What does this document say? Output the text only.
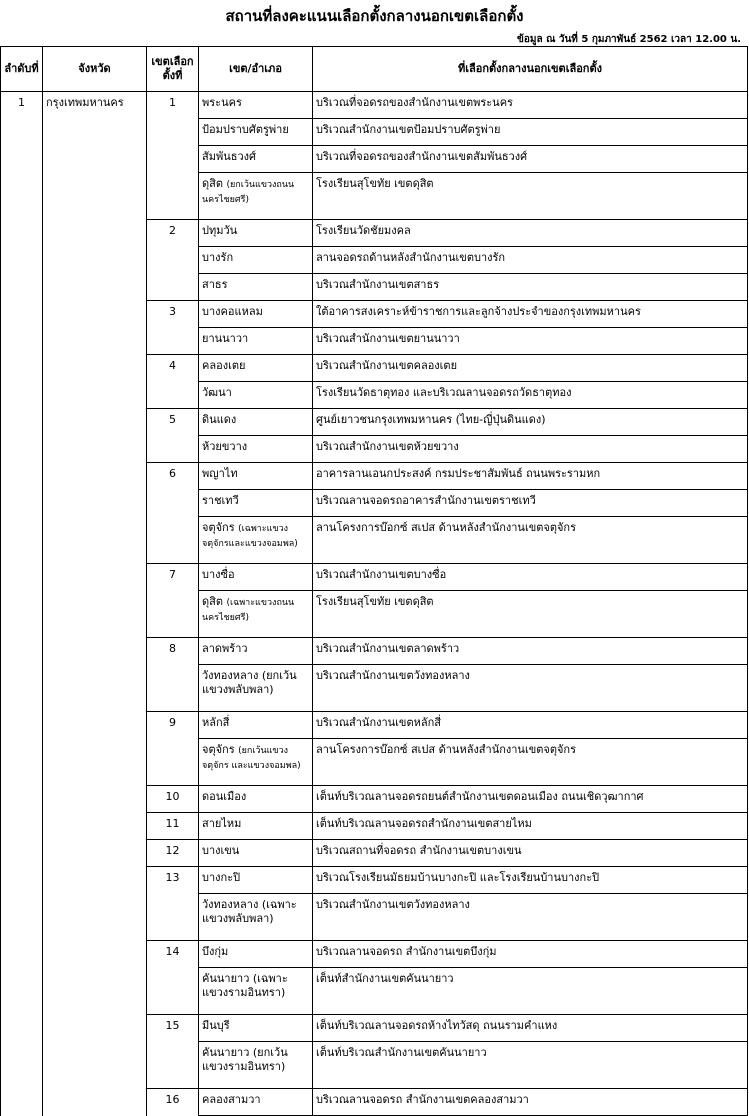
สถานที่ลงคะแนนเลือกตั้งกลางนอกเขตเลือกตั้ง
ข้อมูล ณ วันที่ 5 กุมภาพันธ์ 2562 เวลา 12.00 น.
ลำดับที่	จังหวัด	เขตเลือกตั้งที่	เขต/อำเภอ	ที่เลือกตั้งกลางนอกเขตเลือกตั้ง
1	กรุงเทพมหานคร	1	พระนคร	บริเวณที่จอดรถของสำนักงานเขตพระนคร
			ป้อมปราบศัตรูพ่าย	บริเวณสำนักงานเขตป้อมปราบศัตรูพ่าย
			สัมพันธวงศ์	บริเวณที่จอดรถของสำนักงานเขตสัมพันธวงศ์
			ดุสิต (ยกเว้นแขวงถนนนครไชยศรี)	โรงเรียนสุโขทัย เขตดุสิต
		2	ปทุมวัน	โรงเรียนวัดชัยมงคล
			บางรัก	ลานจอดรถด้านหลังสำนักงานเขตบางรัก
			สาธร	บริเวณสำนักงานเขตสาธร
		3	บางคอแหลม	ใต้อาคารสงเคราะห์ข้าราชการและลูกจ้างประจำของกรุงเทพมหานคร
			ยานนาวา	บริเวณสำนักงานเขตยานนาวา
		4	คลองเตย	บริเวณสำนักงานเขตคลองเตย
			วัฒนา	โรงเรียนวัดธาตุทอง และบริเวณลานจอดรถวัดธาตุทอง
		5	ดินแดง	ศูนย์เยาวชนกรุงเทพมหานคร (ไทย-ญี่ปุ่นดินแดง)
			ห้วยขวาง	บริเวณสำนักงานเขตห้วยขวาง
		6	พญาไท	อาคารลานเอนกประสงค์ กรมประชาสัมพันธ์ ถนนพระรามหก
			ราชเทวี	บริเวณลานจอดรถอาคารสำนักงานเขตราชเทวี
			จตุจักร (เฉพาะแขวงจตุจักรและแขวงจอมพล)	ลานโครงการบ๊อกซ์ สเปส ด้านหลังสำนักงานเขตจตุจักร
		7	บางซื่อ	บริเวณสำนักงานเขตบางซื่อ
			ดุสิต (เฉพาะแขวงถนนนครไชยศรี)	โรงเรียนสุโขทัย เขตดุสิต
		8	ลาดพร้าว	บริเวณสำนักงานเขตลาดพร้าว
			วังทองหลาง (ยกเว้นแขวงพลับพลา)	บริเวณสำนักงานเขตวังทองหลาง
		9	หลักสี่	บริเวณสำนักงานเขตหลักสี่
			จตุจักร (ยกเว้นแขวงจตุจักร และแขวงจอมพล)	ลานโครงการบ๊อกซ์ สเปส ด้านหลังสำนักงานเขตจตุจักร
		10	ดอนเมือง	เต็นท์บริเวณลานจอดรถยนต์สำนักงานเขตดอนเมือง ถนนเชิดวุฒากาศ
		11	สายไหม	เต็นท์บริเวณลานจอดรถสำนักงานเขตสายไหม
		12	บางเขน	บริเวณสถานที่จอดรถ สำนักงานเขตบางเขน
		13	บางกะปิ	บริเวณโรงเรียนมัธยมบ้านบางกะปิ และโรงเรียนบ้านบางกะปิ
			วังทองหลาง (เฉพาะแขวงพลับพลา)	บริเวณสำนักงานเขตวังทองหลาง
		14	บึงกุ่ม	บริเวณลานจอดรถ สำนักงานเขตบึงกุ่ม
			คันนายาว (เฉพาะแขวงรามอินทรา)	เต็นท์สำนักงานเขตคันนายาว
		15	มีนบุรี	เต็นท์บริเวณลานจอดรถห้างไทวัสดุ ถนนรามคำแหง
			คันนายาว (ยกเว้นแขวงรามอินทรา)	เต็นท์บริเวณสำนักงานเขตคันนายาว
		16	คลองสามวา	บริเวณลานจอดรถ สำนักงานเขตคลองสามวา
